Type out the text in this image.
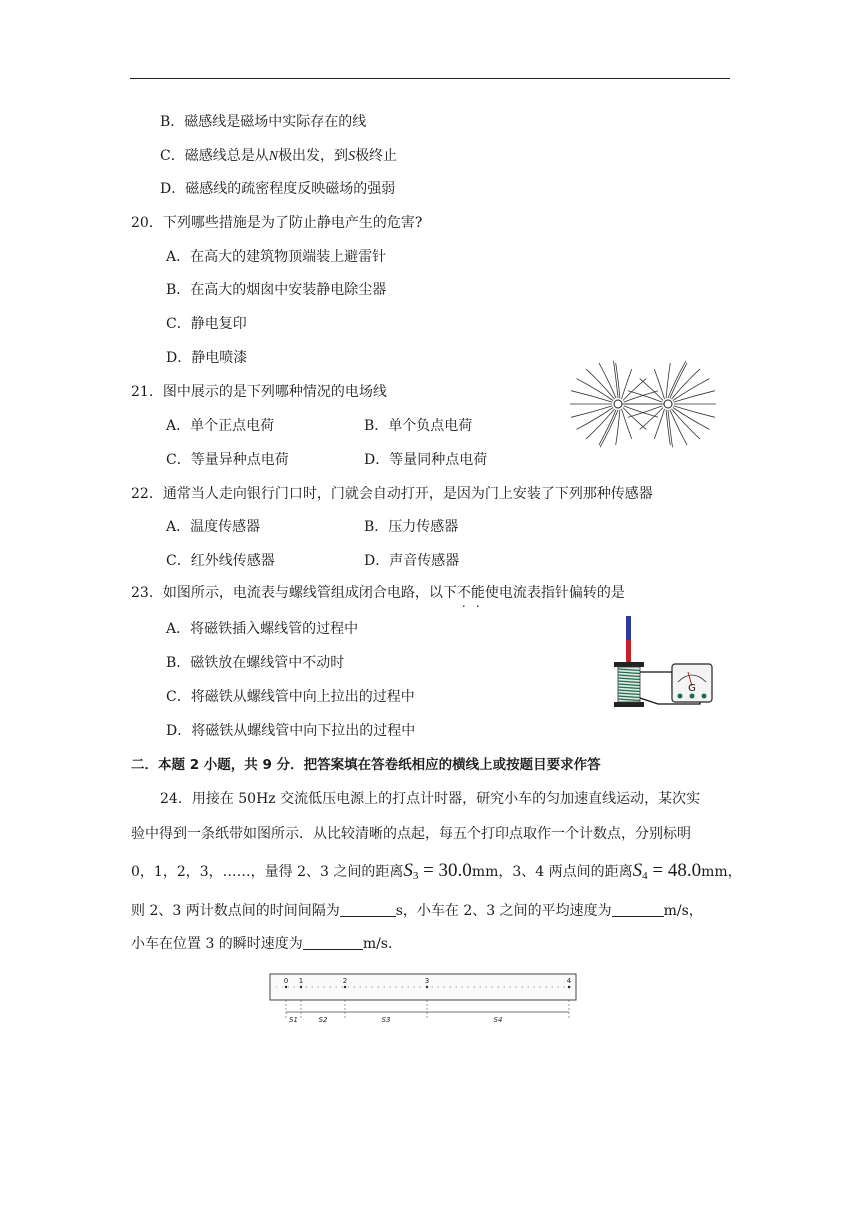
B．磁感线是磁场中实际存在的线
C．磁感线总是从N极出发，到S极终止
D．磁感线的疏密程度反映磁场的强弱
20．下列哪些措施是为了防止静电产生的危害?
A．在高大的建筑物顶端装上避雷针
B．在高大的烟囱中安装静电除尘器
C．静电复印
D．静电喷漆
21．图中展示的是下列哪种情况的电场线
A．单个正点电荷	B．单个负点电荷
C．等量异种点电荷	D．等量同种点电荷
22．通常当人走向银行门口时，门就会自动打开，是因为门上安装了下列那种传感器
A．温度传感器	B．压力传感器
C．红外线传感器	D．声音传感器
23．如图所示，电流表与螺线管组成闭合电路，以下不能使电流表指针偏转的是
A．将磁铁插入螺线管的过程中
B．磁铁放在螺线管中不动时
C．将磁铁从螺线管中向上拉出的过程中
D．将磁铁从螺线管中向下拉出的过程中
G
二．本题 2 小题，共 9 分．把答案填在答卷纸相应的横线上或按题目要求作答
24．用接在 50Hz 交流低压电源上的打点计时器，研究小车的匀加速直线运动，某次实
验中得到一条纸带如图所示．从比较清晰的点起，每五个打印点取作一个计数点，分别标明
0，1，2，3，……，量得 2、3 之间的距离$S_3 = 30.0mm$，3、4 两点间的距离$S_4 = 48.0mm$，
则 2、3 两计数点间的时间间隔为	s，小车在 2、3 之间的平均速度为	m/s，
小车在位置 3 的瞬时速度为	m/s．
0 1	2	3	4
S1	S2	S3	S4
